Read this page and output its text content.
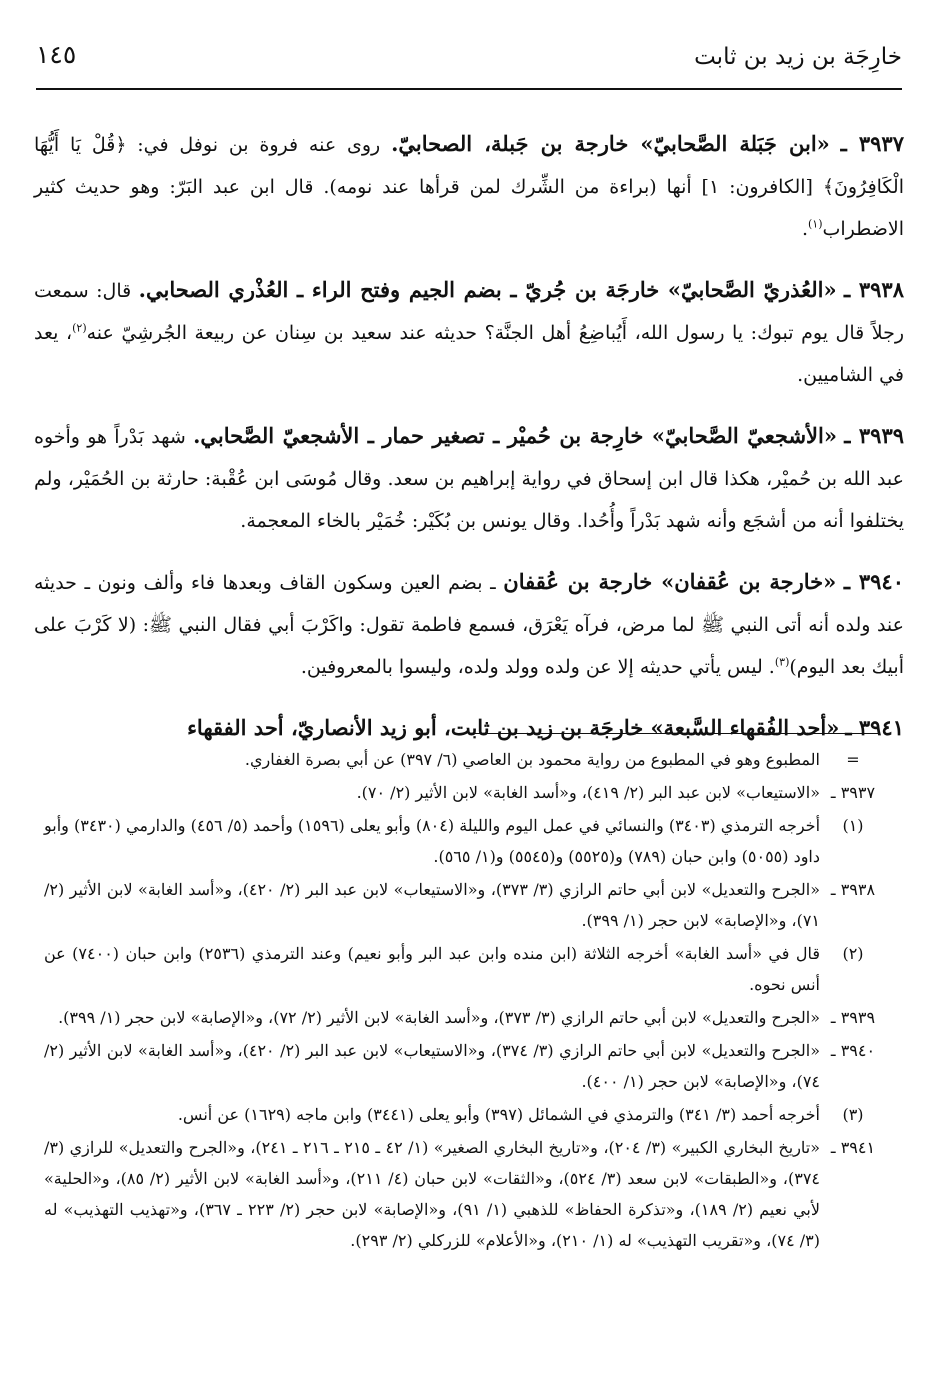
خارِجَة بن زيد بن ثابت
١٤٥

٣٩٣٧ ـ «ابن جَبَلة الصَّحابيّ» خارجة بن جَبلة، الصحابيّ. روى عنه فروة بن نوفل في: ﴿قُلْ يَا أَيُّهَا الْكَافِرُونَ﴾ [الكافرون: ١] أنها (براءة من الشِّرك لمن قرأها عند نومه). قال ابن عبد البَرّ: وهو حديث كثير الاضطراب$^{(١)}$.

٣٩٣٨ ـ «العُذريّ الصَّحابيّ» خارجَة بن جُريّ ـ بضم الجيم وفتح الراء ـ العُذْري الصحابي. قال: سمعت رجلاً قال يوم تبوك: يا رسول الله، أَيُباضِعُ أهل الجنَّة؟ حديثه عند سعيد بن سِنان عن ربيعة الجُرشِيّ عنه$^{(٢)}$، يعد في الشاميين.

٣٩٣٩ ـ «الأشجعيّ الصَّحابيّ» خارِجة بن حُميْر ـ تصغير حمار ـ الأشجعيّ الصَّحابي. شهد بَدْراً هو وأخوه عبد الله بن حُميْر، هكذا قال ابن إسحاق في رواية إبراهيم بن سعد. وقال مُوسَى ابن عُقْبة: حارثة بن الحُمَيْر، ولم يختلفوا أنه من أشجَع وأنه شهد بَدْراً وأُحُدا. وقال يونس بن بُكَيْر: خُمَيْر بالخاء المعجمة.

٣٩٤٠ ـ «خارجة بن عُقفان» خارجة بن عُقفان ـ بضم العين وسكون القاف وبعدها فاء وألف ونون ـ حديثه عند ولده أنه أتى النبي ﷺ لما مرض، فرآه يَعْرَق، فسمع فاطمة تقول: واكَرْبَ أبي فقال النبي ﷺ: (لا كَرْبَ على أبيك بعد اليوم)$^{(٣)}$. ليس يأتي حديثه إلا عن ولده وولد ولده، وليسوا بالمعروفين.

٣٩٤١ ـ «أحد الفُقهاء السَّبعة» خارجَة بن زيد بن ثابت، أبو زيد الأنصاريّ، أحد الفقهاء

=
المطبوع وهو في المطبوع من رواية محمود بن العاصي (٦/ ٣٩٧) عن أبي بصرة الغفاري.
٣٩٣٧ ـ
«الاستيعاب» لابن عبد البر (٢/ ٤١٩)، و«أسد الغابة» لابن الأثير (٢/ ٧٠).
(١)
أخرجه الترمذي (٣٤٠٣) والنسائي في عمل اليوم والليلة (٨٠٤) وأبو يعلى (١٥٩٦) وأحمد (٥/ ٤٥٦) والدارمي (٣٤٣٠) وأبو داود (٥٠٥٥) وابن حبان (٧٨٩) و(٥٥٢٥) و(٥٥٤٥) و(١/ ٥٦٥).
٣٩٣٨ ـ
«الجرح والتعديل» لابن أبي حاتم الرازي (٣/ ٣٧٣)، و«الاستيعاب» لابن عبد البر (٢/ ٤٢٠)، و«أسد الغابة» لابن الأثير (٢/ ٧١)، و«الإصابة» لابن حجر (١/ ٣٩٩).
(٢)
قال في «أسد الغابة» أخرجه الثلاثة (ابن منده وابن عبد البر وأبو نعيم) وعند الترمذي (٢٥٣٦) وابن حبان (٧٤٠٠) عن أنس نحوه.
٣٩٣٩ ـ
«الجرح والتعديل» لابن أبي حاتم الرازي (٣/ ٣٧٣)، و«أسد الغابة» لابن الأثير (٢/ ٧٢)، و«الإصابة» لابن حجر (١/ ٣٩٩).
٣٩٤٠ ـ
«الجرح والتعديل» لابن أبي حاتم الرازي (٣/ ٣٧٤)، و«الاستيعاب» لابن عبد البر (٢/ ٤٢٠)، و«أسد الغابة» لابن الأثير (٢/ ٧٤)، و«الإصابة» لابن حجر (١/ ٤٠٠).
(٣)
أخرجه أحمد (٣/ ٣٤١) والترمذي في الشمائل (٣٩٧) وأبو يعلى (٣٤٤١) وابن ماجه (١٦٢٩) عن أنس.
٣٩٤١ ـ
«تاريخ البخاري الكبير» (٣/ ٢٠٤)، و«تاريخ البخاري الصغير» (١/ ٤٢ ـ ٢١٥ ـ ٢١٦ ـ ٢٤١)، و«الجرح والتعديل» للرازي (٣/ ٣٧٤)، و«الطبقات» لابن سعد (٣/ ٥٢٤)، و«الثقات» لابن حبان (٤/ ٢١١)، و«أسد الغابة» لابن الأثير (٢/ ٨٥)، و«الحلية» لأبي نعيم (٢/ ١٨٩)، و«تذكرة الحفاظ» للذهبي (١/ ٩١)، و«الإصابة» لابن حجر (٢/ ٢٢٣ ـ ٣٦٧)، و«تهذيب التهذيب» له (٣/ ٧٤)، و«تقريب التهذيب» له (١/ ٢١٠)، و«الأعلام» للزركلي (٢/ ٢٩٣).
